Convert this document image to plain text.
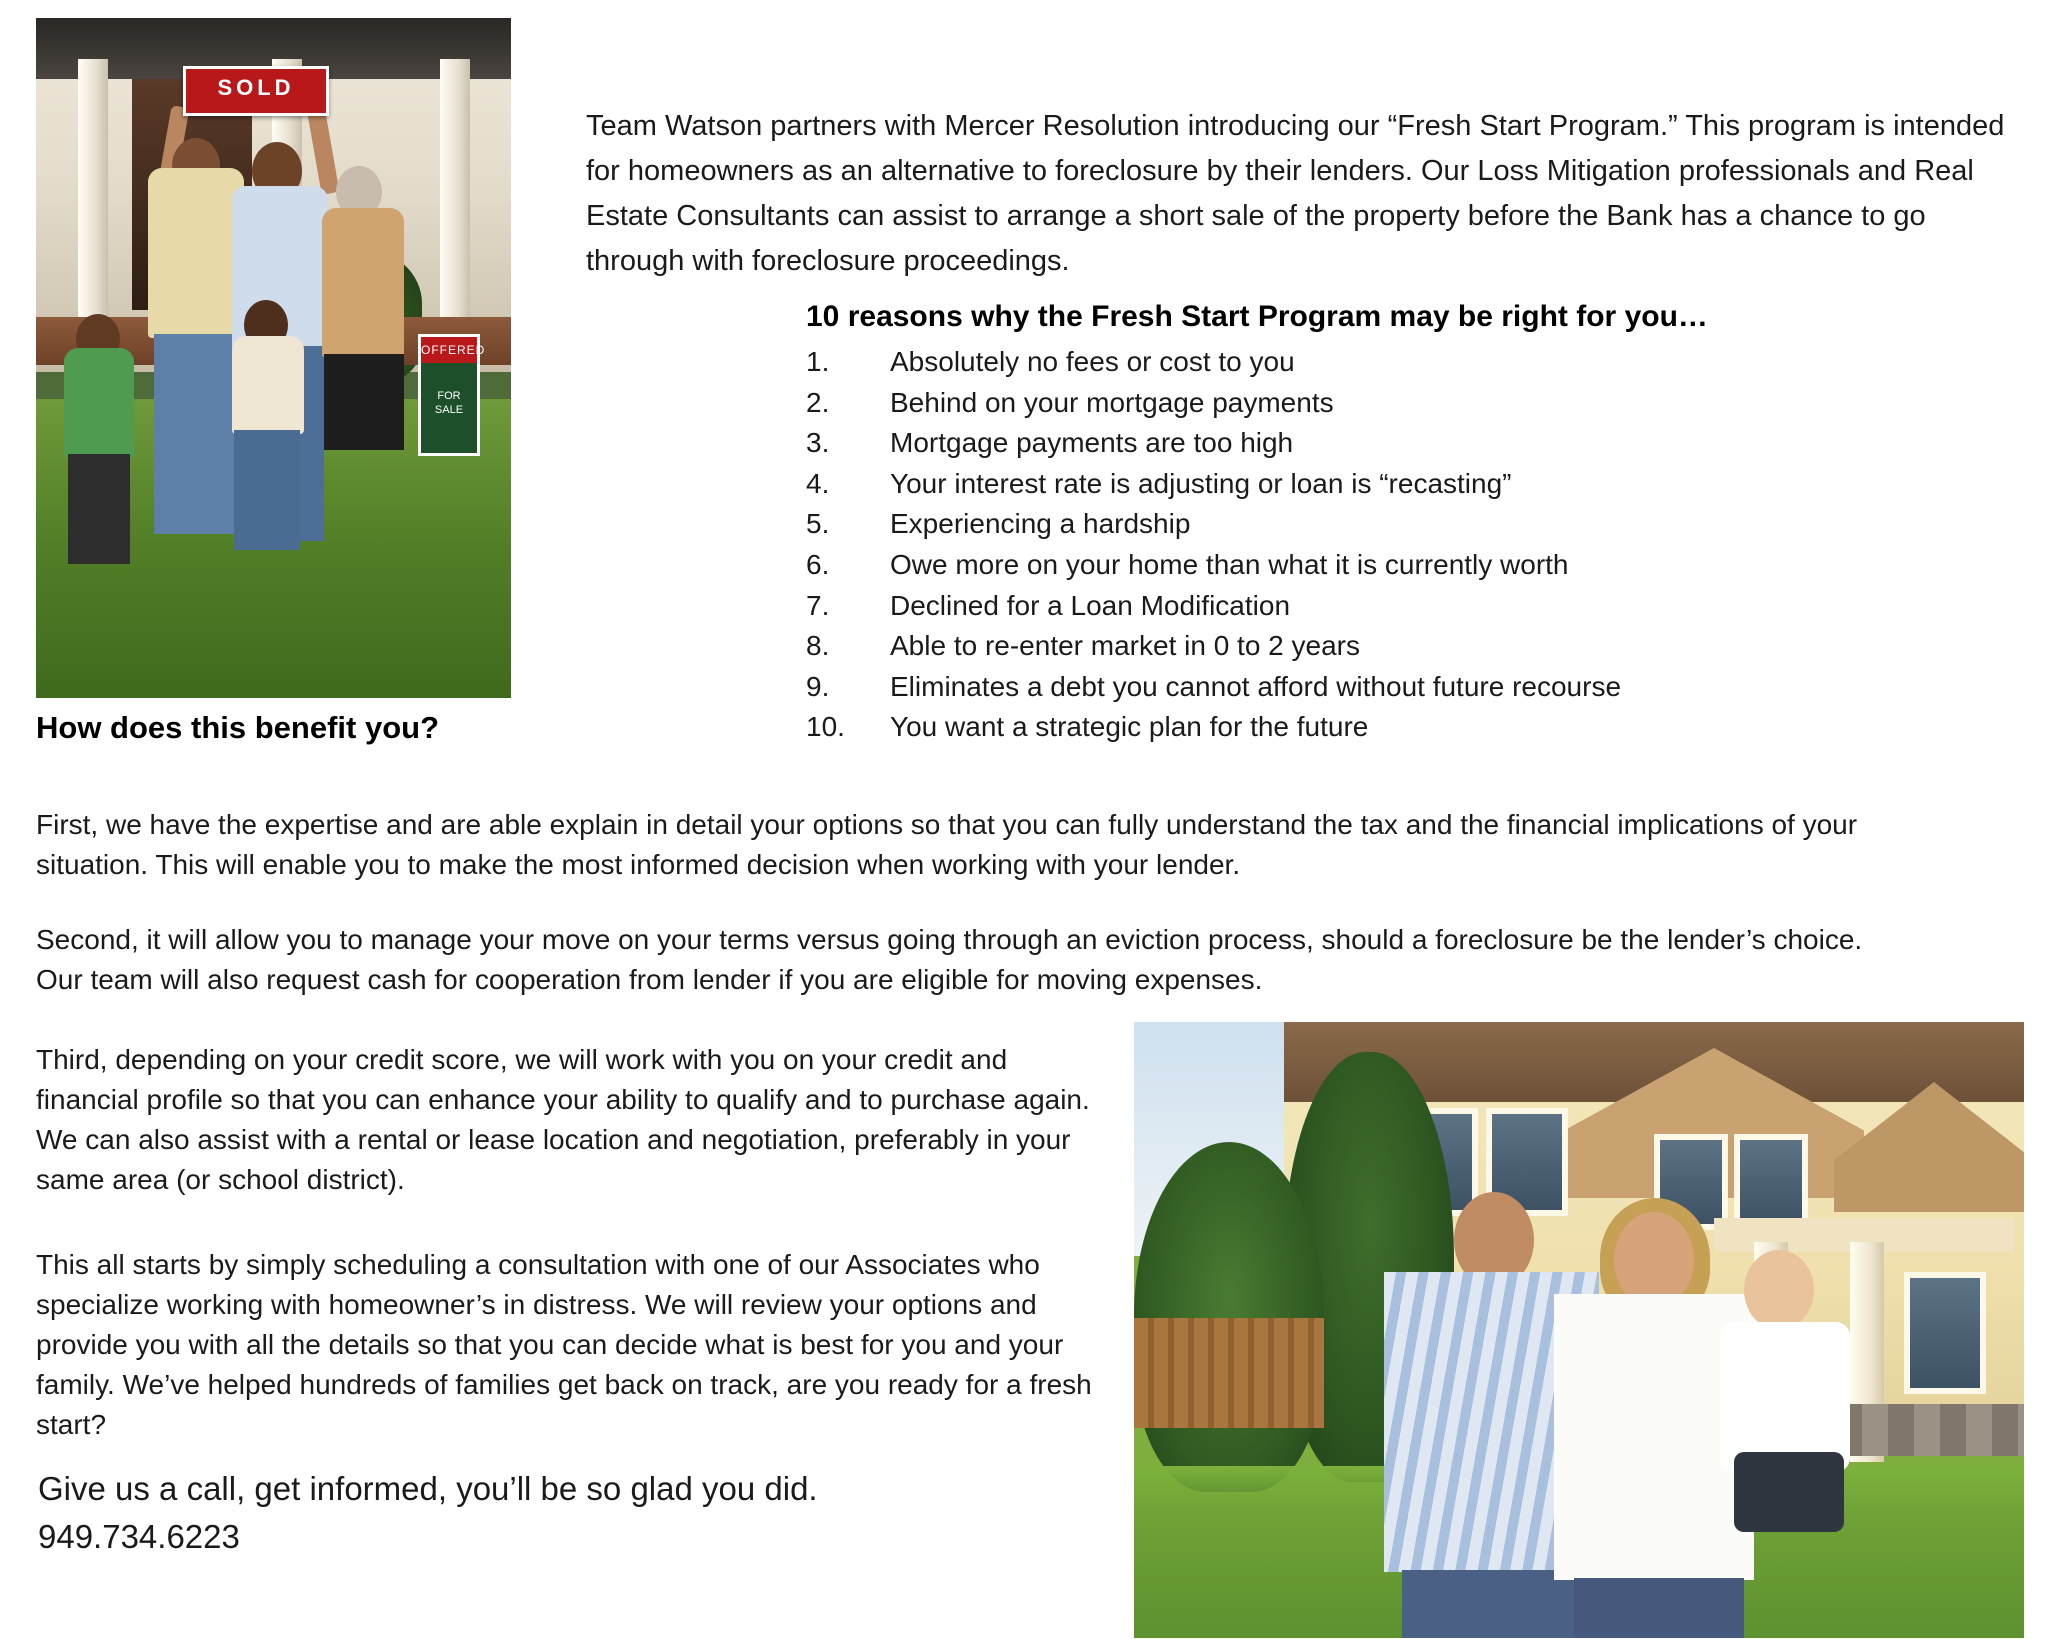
SOLD
OFFERED
FOR SALE
Team Watson partners with Mercer Resolution introducing our “Fresh Start Program.” This program is intended for homeowners as an alternative to foreclosure by their lenders. Our Loss Mitigation professionals and Real Estate Consultants can assist to arrange a short sale of the property before the Bank has a chance to go through with foreclosure proceedings.
10 reasons why the Fresh Start Program may be right for you…
1.	Absolutely no fees or cost to you
2.	Behind on your mortgage payments
3.	Mortgage payments are too high
4.	Your interest rate is adjusting or loan is “recasting”
5.	Experiencing a hardship
6.	Owe more on your home than what it is currently worth
7.	Declined for a Loan Modification
8.	Able to re-enter market in 0 to 2 years
9.	Eliminates a debt you cannot afford without future recourse
10.	You want a strategic plan for the future
How does this benefit you?
First, we have the expertise and are able explain in detail your options so that you can fully understand the tax and the financial implications of your situation. This will enable you to make the most informed decision when working with your lender.
Second, it will allow you to manage your move on your terms versus going through an eviction process, should a foreclosure be the lender’s choice. Our team will also request cash for cooperation from lender if you are eligible for moving expenses.
Third, depending on your credit score, we will work with you on your credit and financial profile so that you can enhance your ability to qualify and to purchase again. We can also assist with a rental or lease location and negotiation, preferably in your same area (or school district).
This all starts by simply scheduling a consultation with one of our Associates who specialize working with homeowner’s in distress. We will review your options and provide you with all the details so that you can decide what is best for you and your family. We’ve helped hundreds of families get back on track, are you ready for a fresh start?
Give us a call, get informed, you’ll be so glad you did.
949.734.6223
